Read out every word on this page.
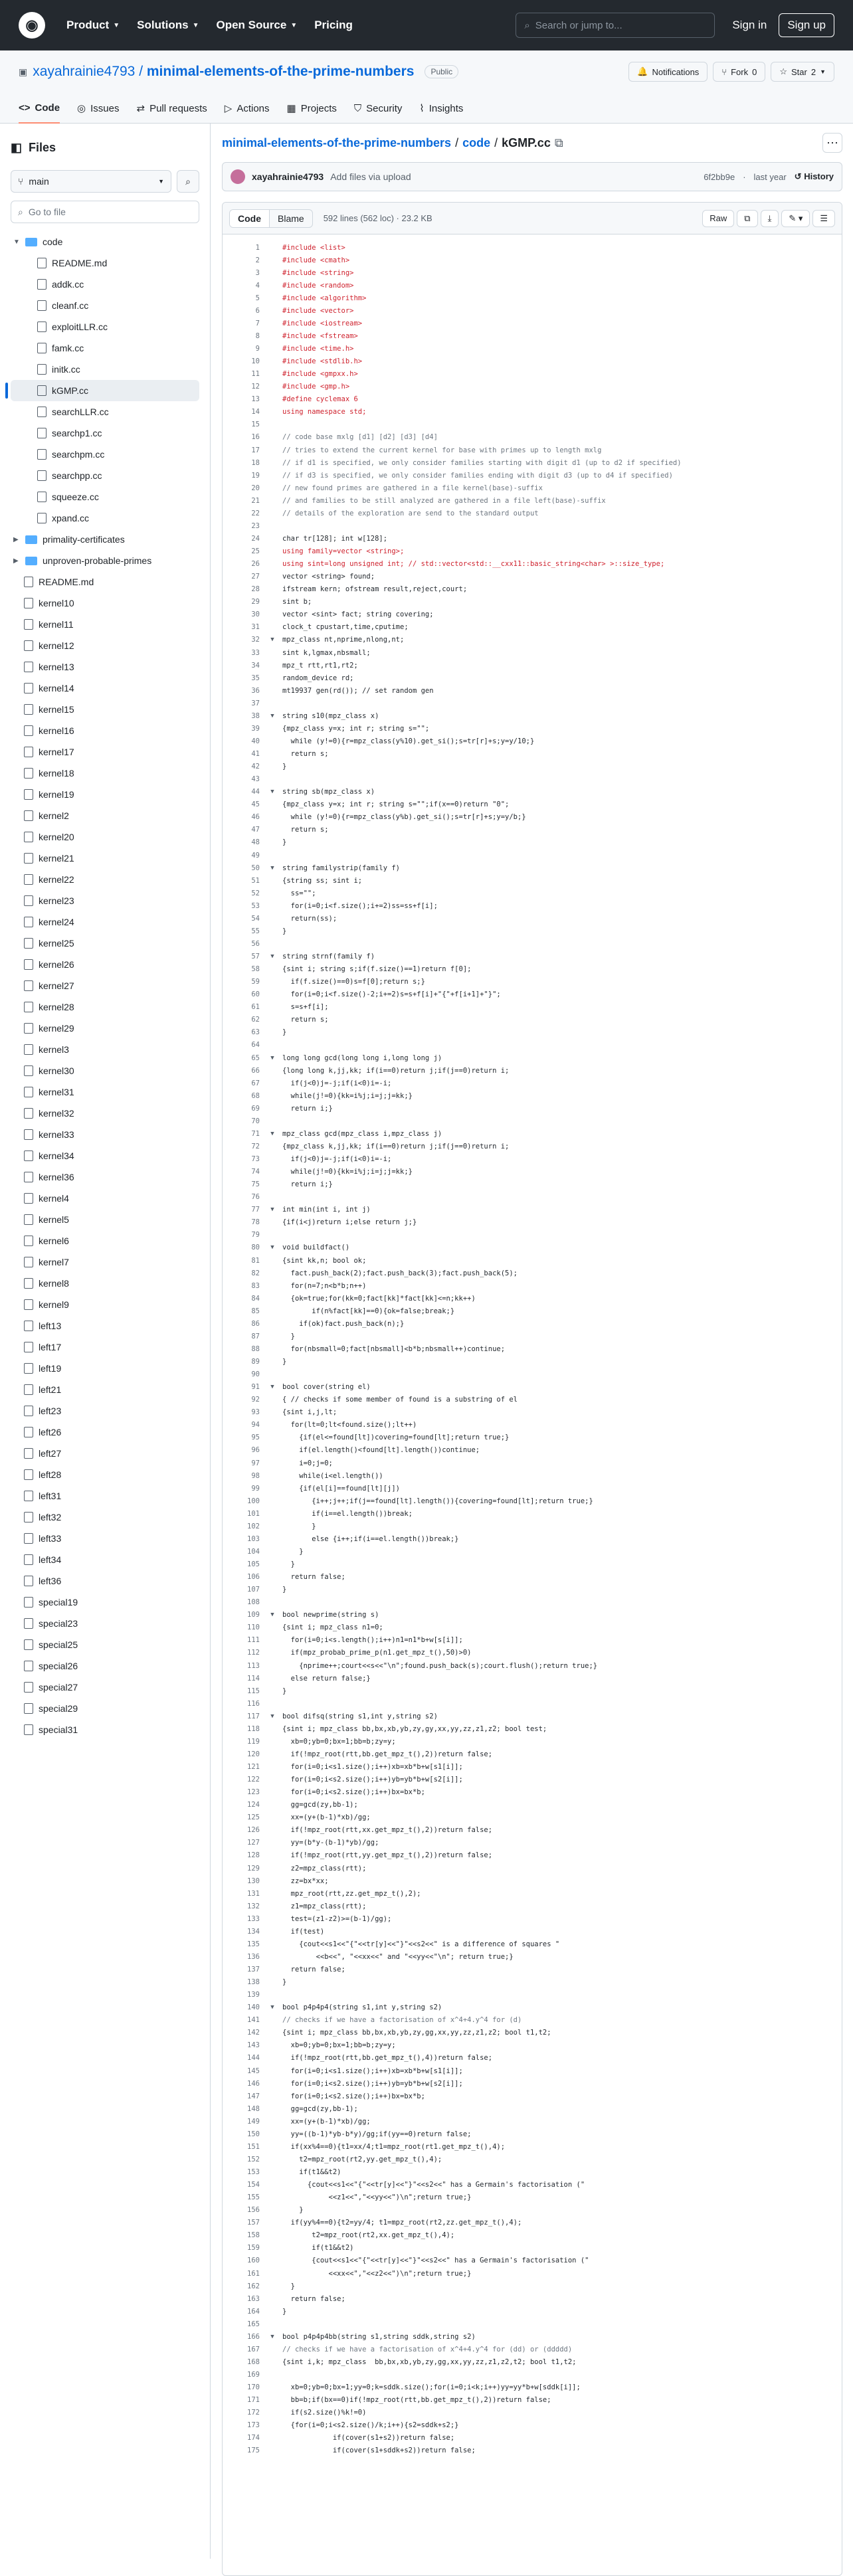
◉	Product ▼ Solutions ▼ Open Source ▼ Pricing	⌕ Search or jump to...	Sign in	Sign up
▣ xayahrainie4793 / minimal-elements-of-the-prime-numbers	Public	🔔 Notifications	⑂ Fork 0	☆ Star 2 ▼
<> Code ◎ Issues ⇄ Pull requests ▷ Actions ▦ Projects ⛉ Security ⌇ Insights
◧ Files
⑂ main	▼ ⌕
⌕ Go to file
▼ code
README.md
addk.cc
cleanf.cc
exploitLLR.cc
famk.cc
initk.cc
kGMP.cc
searchLLR.cc
searchp1.cc
searchpm.cc
searchpp.cc
squeeze.cc
xpand.cc
▶	primality-certificates
▶	unproven-probable-primes
README.md
kernel10
kernel11
kernel12
kernel13
kernel14
kernel15
kernel16
kernel17
kernel18
kernel19
kernel2
kernel20
kernel21
kernel22
kernel23
kernel24
kernel25
kernel26
kernel27
kernel28
kernel29
kernel3
kernel30
kernel31
kernel32
kernel33
kernel34
kernel36
kernel4
kernel5
kernel6
kernel7
kernel8
kernel9
left13
left17
left19
left21
left23
left26
left27
left28
left31
left32
left33
left34
left36
special19
special23
special25
special26
special27
special29
special31
minimal-elements-of-the-prime-numbers / code / kGMP.cc ⧉	⋯
xayahrainie4793 Add files via upload	6f2bb9e · last year ↺ History
Code	Blame	592 lines (562 loc) · 23.2 KB	Raw	⧉	⤓	✎ ▾	☰
1	#include <list>
2	#include <cmath>
3	#include <string>
4	#include <random>
5	#include <algorithm>
6	#include <vector>
7	#include <iostream>
8	#include <fstream>
9	#include <time.h>
10	#include <stdlib.h>
11	#include <gmpxx.h>
12	#include <gmp.h>
13	#define cyclemax 6
14	using namespace std;
15
16	// code base mxlg [d1] [d2] [d3] [d4]
17	// tries to extend the current kernel for base with primes up to length mxlg
18	// if d1 is specified, we only consider families starting with digit d1 (up to d2 if specified)
19	// if d3 is specified, we only consider families ending with digit d3 (up to d4 if specified)
20	// new found primes are gathered in a file kernel(base)-suffix
21	// and families to be still analyzed are gathered in a file left(base)-suffix
22	// details of the exploration are send to the standard output
23
24	char tr[128]; int w[128];
25	using family=vector <string>;
26	using sint=long unsigned int; // std::vector<std::__cxx11::basic_string<char> >::size_type;
27	vector <string> found;
28	ifstream kern; ofstream result,reject,court;
29	sint b;
30	vector <sint> fact; string covering;
31	clock_t cpustart,time,cputime;
32	▼	mpz_class nt,nprime,nlong,nt;
33	sint k,lgmax,nbsmall;
34	mpz_t rtt,rt1,rt2;
35	random_device rd;
36	mt19937 gen(rd()); // set random gen
37
38	▼	string s10(mpz_class x)
39	{mpz_class y=x; int r; string s="";
40	while (y!=0){r=mpz_class(y%10).get_si();s=tr[r]+s;y=y/10;}
41	return s;
42	}
43
44	▼	string sb(mpz_class x)
45	{mpz_class y=x; int r; string s="";if(x==0)return "0";
46	while (y!=0){r=mpz_class(y%b).get_si();s=tr[r]+s;y=y/b;}
47	return s;
48	}
49
50	▼	string familystrip(family f)
51	{string ss; sint i;
52	ss="";
53	for(i=0;i<f.size();i+=2)ss=ss+f[i];
54	return(ss);
55	}
56
57	▼	string strnf(family f)
58	{sint i; string s;if(f.size()==1)return f[0];
59	if(f.size()==0)s=f[0];return s;}
60	for(i=0;i<f.size()-2;i+=2)s=s+f[i]+"{"+f[i+1]+"}";
61	s=s+f[i];
62	return s;
63	}
64
65	▼	long long gcd(long long i,long long j)
66	{long long k,jj,kk; if(i==0)return j;if(j==0)return i;
67	if(j<0)j=-j;if(i<0)i=-i;
68	while(j!=0){kk=i%j;i=j;j=kk;}
69	return i;}
70
71	▼	mpz_class gcd(mpz_class i,mpz_class j)
72	{mpz_class k,jj,kk; if(i==0)return j;if(j==0)return i;
73	if(j<0)j=-j;if(i<0)i=-i;
74	while(j!=0){kk=i%j;i=j;j=kk;}
75	return i;}
76
77	▼	int min(int i, int j)
78	{if(i<j)return i;else return j;}
79
80	▼	void buildfact()
81	{sint kk,n; bool ok;
82	fact.push_back(2);fact.push_back(3);fact.push_back(5);
83	for(n=7;n<b*b;n++)
84	{ok=true;for(kk=0;fact[kk]*fact[kk]<=n;kk++)
85	if(n%fact[kk]==0){ok=false;break;}
86	if(ok)fact.push_back(n);}
87	}
88	for(nbsmall=0;fact[nbsmall]<b*b;nbsmall++)continue;
89	}
90
91	▼	bool cover(string el)
92	{ // checks if some member of found is a substring of el
93	{sint i,j,lt;
94	for(lt=0;lt<found.size();lt++)
95	{if(el<=found[lt])covering=found[lt];return true;}
96	if(el.length()<found[lt].length())continue;
97	i=0;j=0;
98	while(i<el.length())
99	{if(el[i]==found[lt][j])
100	{i++;j++;if(j==found[lt].length()){covering=found[lt];return true;}
101	if(i==el.length())break;
102	}
103	else {i++;if(i==el.length())break;}
104	}
105	}
106	return false;
107	}
108
109	▼	bool newprime(string s)
110	{sint i; mpz_class n1=0;
111	for(i=0;i<s.length();i++)n1=n1*b+w[s[i]];
112	if(mpz_probab_prime_p(n1.get_mpz_t(),50)>0)
113	{nprime++;court<<s<<"\n";found.push_back(s);court.flush();return true;}
114	else return false;}
115	}
116
117	▼	bool difsq(string s1,int y,string s2)
118	{sint i; mpz_class bb,bx,xb,yb,zy,gy,xx,yy,zz,z1,z2; bool test;
119	xb=0;yb=0;bx=1;bb=b;zy=y;
120	if(!mpz_root(rtt,bb.get_mpz_t(),2))return false;
121	for(i=0;i<s1.size();i++)xb=xb*b+w[s1[i]];
122	for(i=0;i<s2.size();i++)yb=yb*b+w[s2[i]];
123	for(i=0;i<s2.size();i++)bx=bx*b;
124	gg=gcd(zy,bb-1);
125	xx=(y+(b-1)*xb)/gg;
126	if(!mpz_root(rtt,xx.get_mpz_t(),2))return false;
127	yy=(b*y-(b-1)*yb)/gg;
128	if(!mpz_root(rtt,yy.get_mpz_t(),2))return false;
129	z2=mpz_class(rtt);
130	zz=bx*xx;
131	mpz_root(rtt,zz.get_mpz_t(),2);
132	z1=mpz_class(rtt);
133	test=(z1-z2)>=(b-1)/gg);
134	if(test)
135	{cout<<s1<<"{"<<tr[y]<<"}"<<s2<<" is a difference of squares "
136	<<b<<", "<<xx<<" and "<<yy<<"\n"; return true;}
137	return false;
138	}
139
140	▼	bool p4p4p4(string s1,int y,string s2)
141	// checks if we have a factorisation of x^4+4.y^4 for (d)
142	{sint i; mpz_class bb,bx,xb,yb,zy,gg,xx,yy,zz,z1,z2; bool t1,t2;
143	xb=0;yb=0;bx=1;bb=b;zy=y;
144	if(!mpz_root(rtt,bb.get_mpz_t(),4))return false;
145	for(i=0;i<s1.size();i++)xb=xb*b+w[s1[i]];
146	for(i=0;i<s2.size();i++)yb=yb*b+w[s2[i]];
147	for(i=0;i<s2.size();i++)bx=bx*b;
148	gg=gcd(zy,bb-1);
149	xx=(y+(b-1)*xb)/gg;
150	yy=((b-1)*yb-b*y)/gg;if(yy==0)return false;
151	if(xx%4==0){t1=xx/4;t1=mpz_root(rt1.get_mpz_t(),4);
152	t2=mpz_root(rt2,yy.get_mpz_t(),4);
153	if(t1&&t2)
154	{cout<<s1<<"{"<<tr[y]<<"}"<<s2<<" has a Germain's factorisation ("
155	<<z1<<","<<yy<<")\n";return true;}
156	}
157	if(yy%4==0){t2=yy/4; t1=mpz_root(rt2,zz.get_mpz_t(),4);
158	t2=mpz_root(rt2,xx.get_mpz_t(),4);
159	if(t1&&t2)
160	{cout<<s1<<"{"<<tr[y]<<"}"<<s2<<" has a Germain's factorisation ("
161	<<xx<<","<<z2<<")\n";return true;}
162	}
163	return false;
164	}
165
166	▼	bool p4p4p4bb(string s1,string sddk,string s2)
167	// checks if we have a factorisation of x^4+4.y^4 for (dd) or (ddddd)
168	{sint i,k; mpz_class  bb,bx,xb,yb,zy,gg,xx,yy,zz,z1,z2,t2; bool t1,t2;
169
170	xb=0;yb=0;bx=1;yy=0;k=sddk.size();for(i=0;i<k;i++)yy=yy*b+w[sddk[i]];
171	bb=b;if(bx==0)if(!mpz_root(rtt,bb.get_mpz_t(),2))return false;
172	if(s2.size()%k!=0)
173	{for(i=0;i<s2.size()/k;i++){s2=sddk+s2;}
174	if(cover(s1+s2))return false;
175	if(cover(s1+sddk+s2))return false;
